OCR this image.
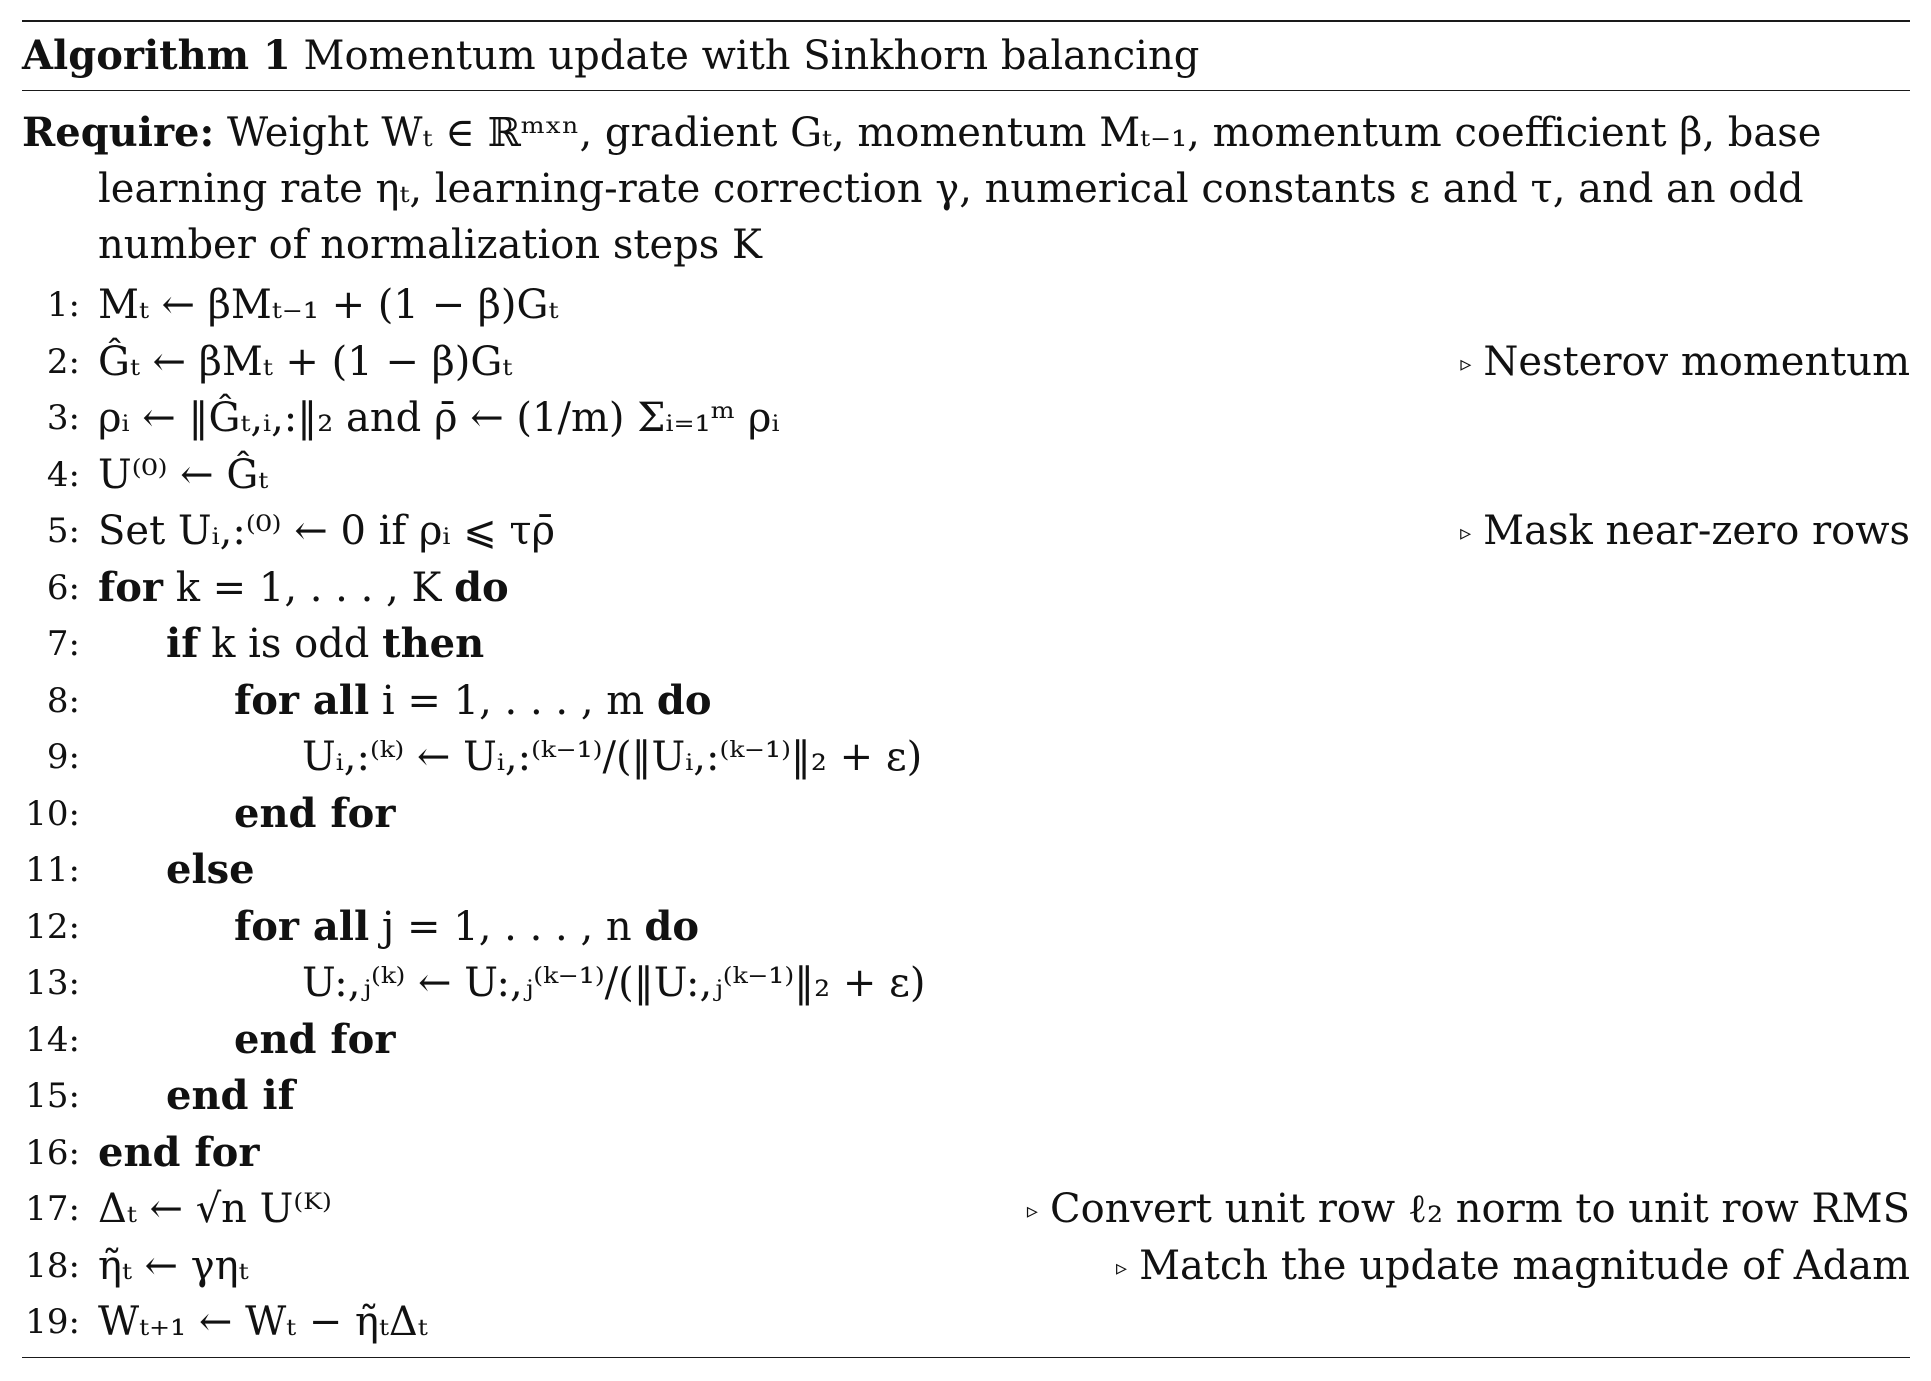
Algorithm 1 Momentum update with Sinkhorn balancing
Require: Weight Wₜ ∈ ℝᵐˣⁿ, gradient Gₜ, momentum Mₜ₋₁, momentum coefficient β, base learning rate ηₜ, learning-rate correction γ, numerical constants ε and τ, and an odd number of normalization steps K
1 : Mₜ ← βMₜ₋₁ + (1 − β)Gₜ
2 : Ĝₜ ← βMₜ + (1 − β)Gₜ	▹ Nesterov momentum
3 : ρᵢ ← ‖Ĝₜ,ᵢ,:‖₂ and ρ̄ ← (1/m) Σᵢ₌₁ᵐ ρᵢ
4 : U⁽⁰⁾ ← Ĝₜ
5 : Set Uᵢ,:⁽⁰⁾ ← 0 if ρᵢ ⩽ τρ̄	▹ Mask near-zero rows
6 : for k = 1, . . . , K do
7 : if k is odd then
8 :	for all i = 1, . . . , m do
9 :	Uᵢ,:⁽ᵏ⁾ ← Uᵢ,:⁽ᵏ⁻¹⁾/(‖Uᵢ,:⁽ᵏ⁻¹⁾‖₂ + ε)
10 :	end for
11 : else
12 :	for all j = 1, . . . , n do
13 :	U:,ⱼ⁽ᵏ⁾ ← U:,ⱼ⁽ᵏ⁻¹⁾/(‖U:,ⱼ⁽ᵏ⁻¹⁾‖₂ + ε)
14 :	end for
15 : end if
16 : end for
17 : Δₜ ← √n U⁽ᴷ⁾	▹ Convert unit row ℓ₂ norm to unit row RMS
18 : η̃ₜ ← γηₜ	▹ Match the update magnitude of Adam
19 : Wₜ₊₁ ← Wₜ − η̃ₜΔₜ
